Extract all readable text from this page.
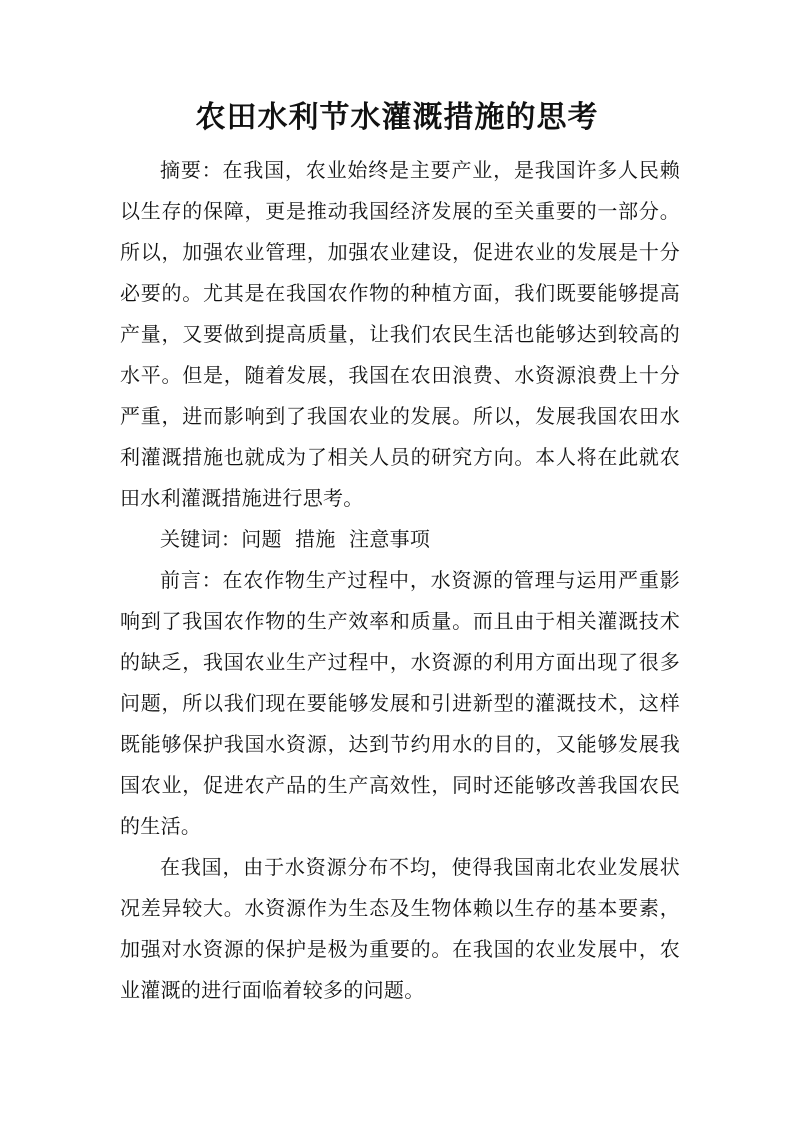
农田水利节水灌溉措施的思考

摘要：在我国，农业始终是主要产业，是我国许多人民赖以生存的保障，更是推动我国经济发展的至关重要的一部分。所以，加强农业管理，加强农业建设，促进农业的发展是十分必要的。尤其是在我国农作物的种植方面，我们既要能够提高产量，又要做到提高质量，让我们农民生活也能够达到较高的水平。但是，随着发展，我国在农田浪费、水资源浪费上十分严重，进而影响到了我国农业的发展。所以，发展我国农田水利灌溉措施也就成为了相关人员的研究方向。本人将在此就农田水利灌溉措施进行思考。

关键词：问题  措施  注意事项

前言：在农作物生产过程中，水资源的管理与运用严重影响到了我国农作物的生产效率和质量。而且由于相关灌溉技术的缺乏，我国农业生产过程中，水资源的利用方面出现了很多问题，所以我们现在要能够发展和引进新型的灌溉技术，这样既能够保护我国水资源，达到节约用水的目的，又能够发展我国农业，促进农产品的生产高效性，同时还能够改善我国农民的生活。

在我国，由于水资源分布不均，使得我国南北农业发展状况差异较大。水资源作为生态及生物体赖以生存的基本要素，加强对水资源的保护是极为重要的。在我国的农业发展中，农业灌溉的进行面临着较多的问题。
